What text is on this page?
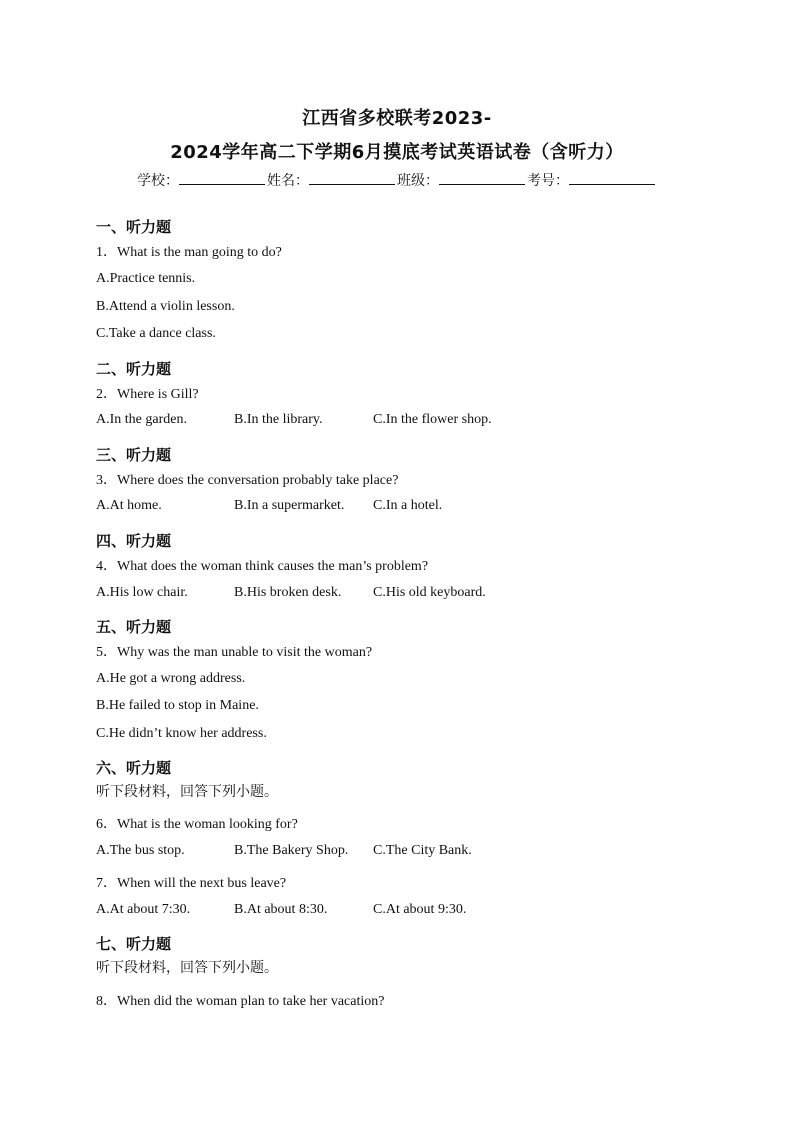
江西省多校联考2023-
2024学年高二下学期6月摸底考试英语试卷（含听力）
学校：	姓名：	班级：	考号：
一、听力题
1．What is the man going to do?
A.Practice tennis.
B.Attend a violin lesson.
C.Take a dance class.
二、听力题
2．Where is Gill?
A.In the garden.	B.In the library.	C.In the flower shop.
三、听力题
3．Where does the conversation probably take place?
A.At home.	B.In a supermarket. C.In a hotel.
四、听力题
4．What does the woman think causes the man’s problem?
A.His low chair.	B.His broken desk. C.His old keyboard.
五、听力题
5．Why was the man unable to visit the woman?
A.He got a wrong address.
B.He failed to stop in Maine.
C.He didn’t know her address.
六、听力题
听下段材料，回答下列小题。
6．What is the woman looking for?
A.The bus stop.	B.The Bakery Shop. C.The City Bank.
7．When will the next bus leave?
A.At about 7:30.	B.At about 8:30.	C.At about 9:30.
七、听力题
听下段材料，回答下列小题。
8．When did the woman plan to take her vacation?
